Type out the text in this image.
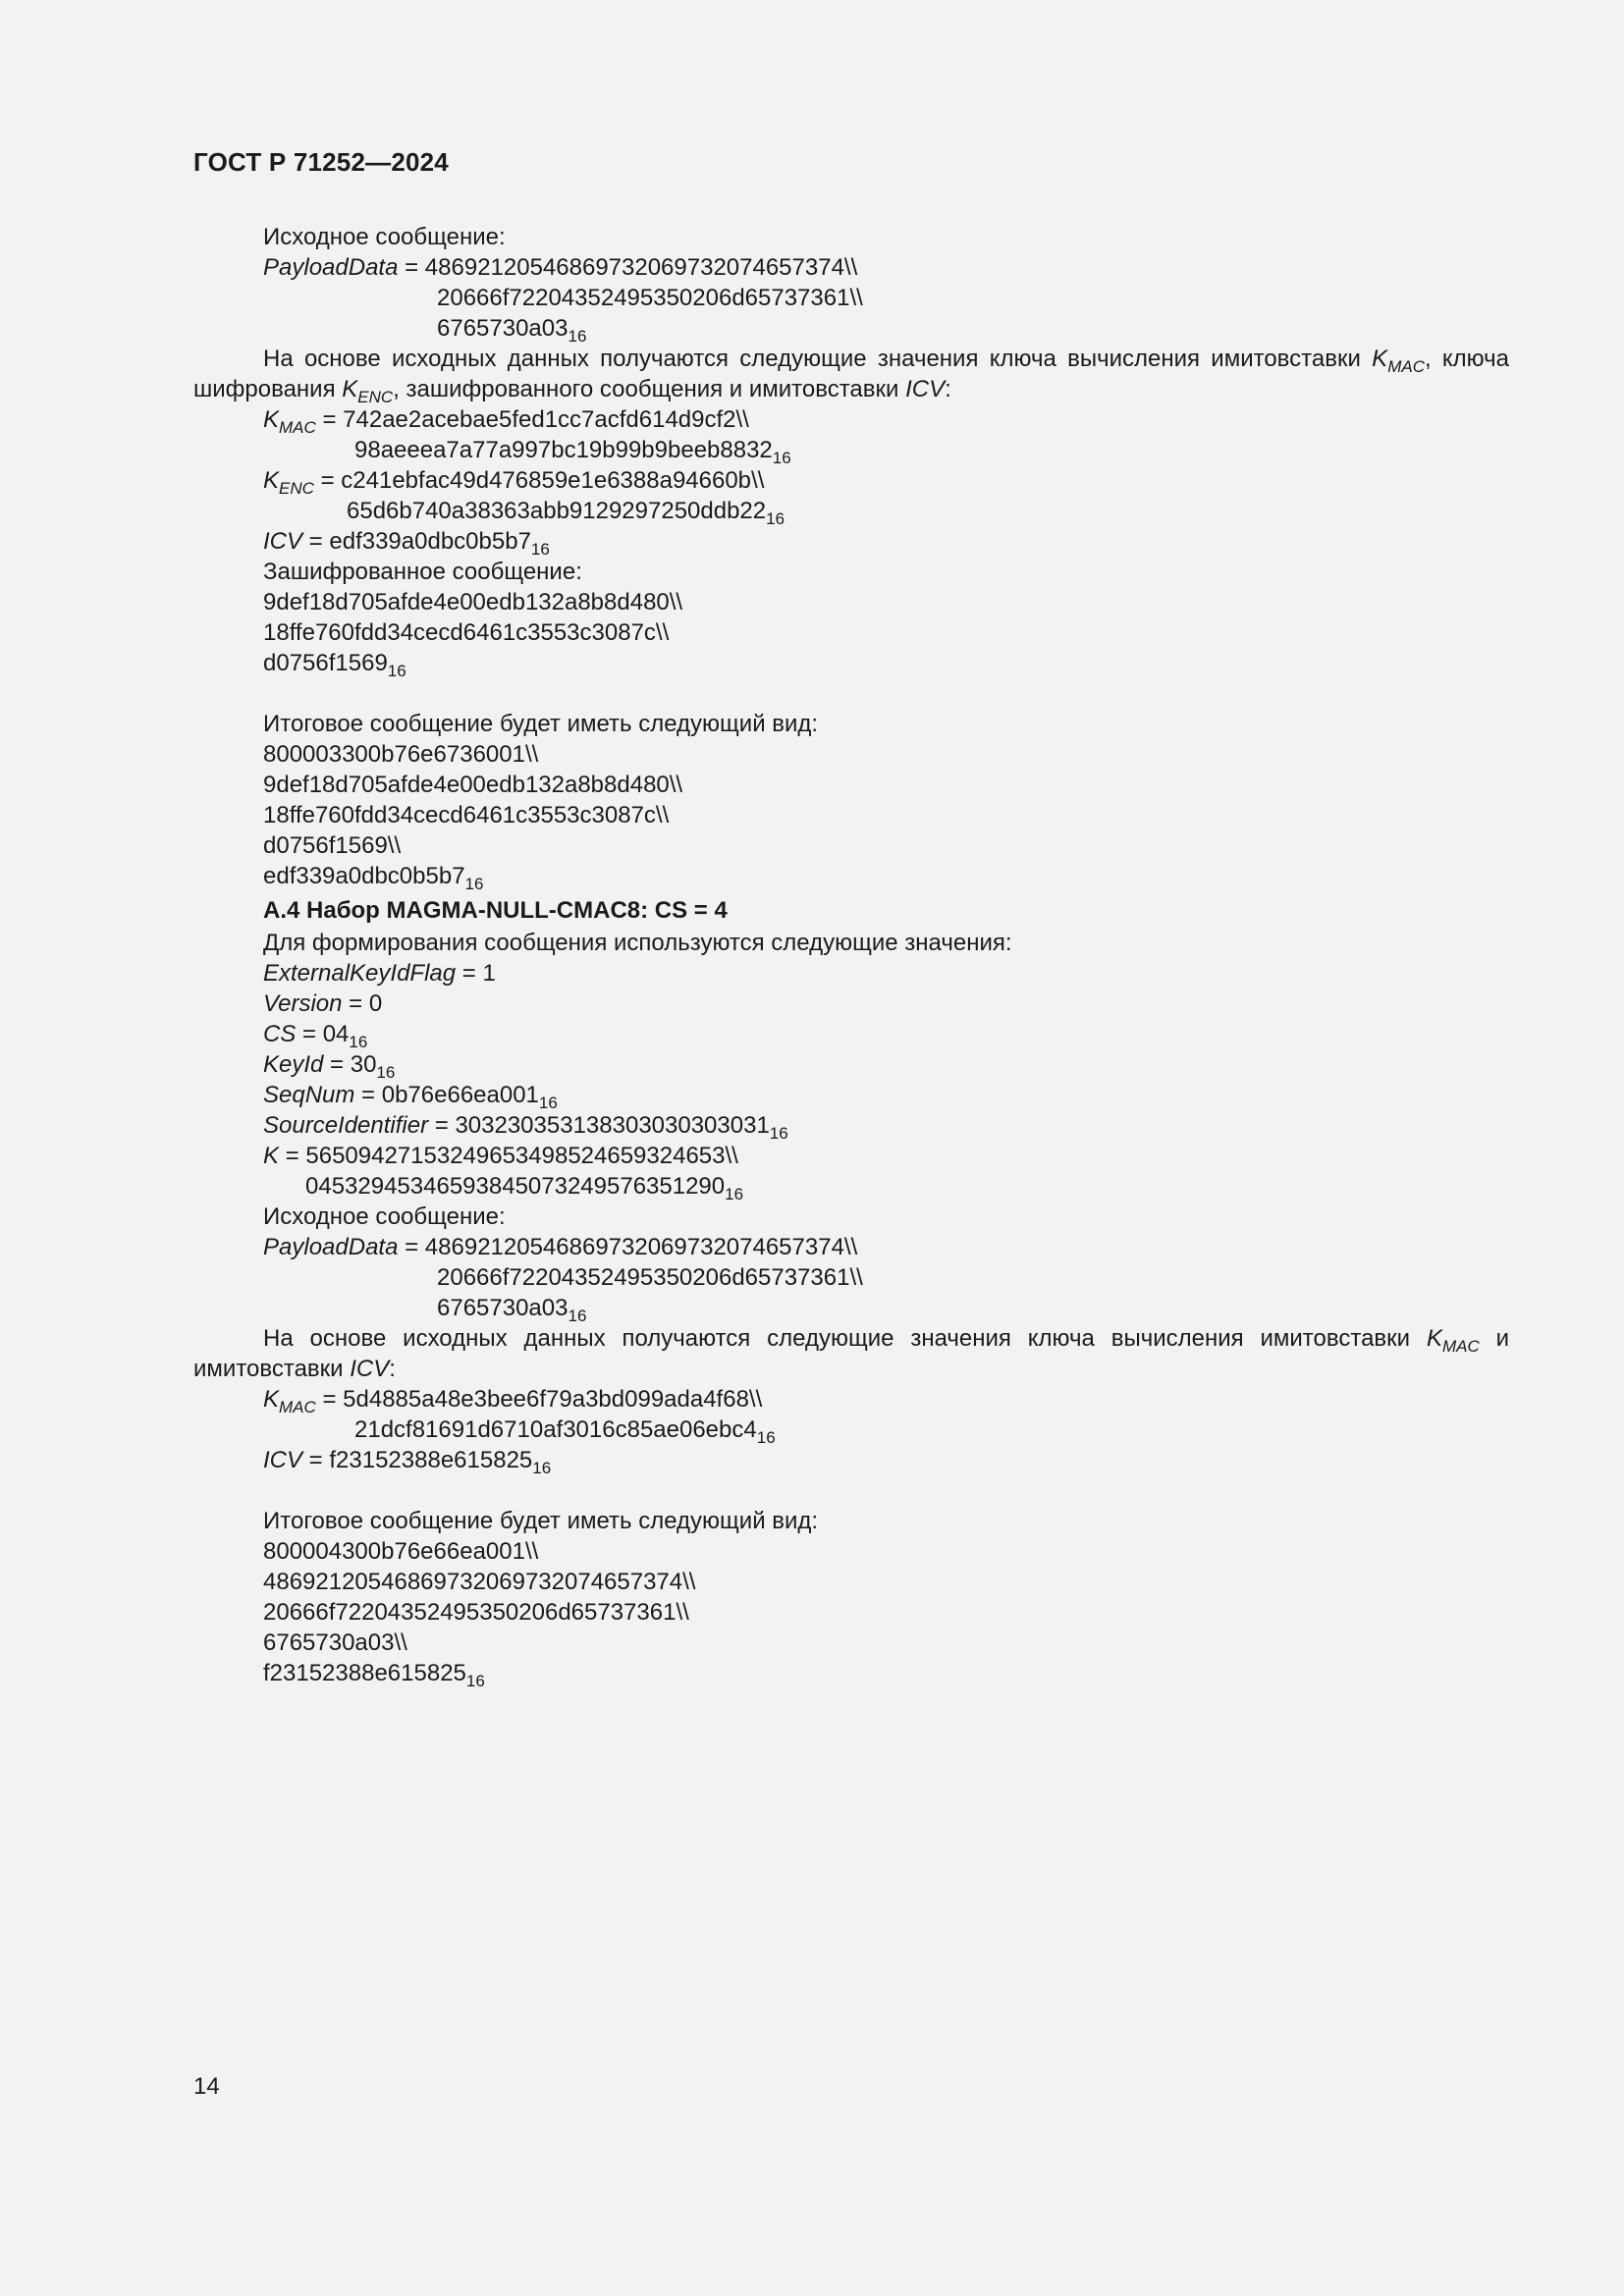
ГОСТ Р 71252—2024
Исходное сообщение:
PayloadData = 48692120546869732069732074657374\\
20666f72204352495350206d65737361\\
$6765730a03_{16}$
На основе исходных данных получаются следующие значения ключа вычисления имитовставки $K_{MAC}$, ключа шифрования $K_{ENC}$, зашифрованного сообщения и имитовставки ICV:
$K_{MAC}$ = 742ae2acebae5fed1cc7acfd614d9cf2\\
$98aeeea7a77a997bc19b99b9beeb8832_{16}$
$K_{ENC}$ = c241ebfac49d476859e1e6388a94660b\\
$65d6b740a38363abb9129297250ddb22_{16}$
ICV = $edf339a0dbc0b5b7_{16}$
Зашифрованное сообщение:
9def18d705afde4e00edb132a8b8d480\\
18ffe760fdd34cecd6461c3553c3087c\\
$d0756f1569_{16}$
Итоговое сообщение будет иметь следующий вид:
800003300b76e6736001\\
9def18d705afde4e00edb132a8b8d480\\
18ffe760fdd34cecd6461c3553c3087c\\
d0756f1569\\
$edf339a0dbc0b5b7_{16}$
А.4 Набор MAGMA-NULL-CMAC8: CS = 4
Для формирования сообщения используются следующие значения:
ExternalKeyIdFlag = 1
Version = 0
CS = $04_{16}$
KeyId = $30_{16}$
SeqNum = $0b76e66ea001_{16}$
SourceIdentifier = $303230353138303030303031_{16}$
K = 56509427153249653498524659324653\\
$04532945346593845073249576351290_{16}$
Исходное сообщение:
PayloadData = 48692120546869732069732074657374\\
20666f72204352495350206d65737361\\
$6765730a03_{16}$
На основе исходных данных получаются следующие значения ключа вычисления имитовставки $K_{MAC}$ и имитовставки ICV:
$K_{MAC}$ = 5d4885a48e3bee6f79a3bd099ada4f68\\
$21dcf81691d6710af3016c85ae06ebc4_{16}$
ICV = $f23152388e615825_{16}$
Итоговое сообщение будет иметь следующий вид:
800004300b76e66ea001\\
48692120546869732069732074657374\\
20666f72204352495350206d65737361\\
6765730a03\\
$f23152388e615825_{16}$
14
